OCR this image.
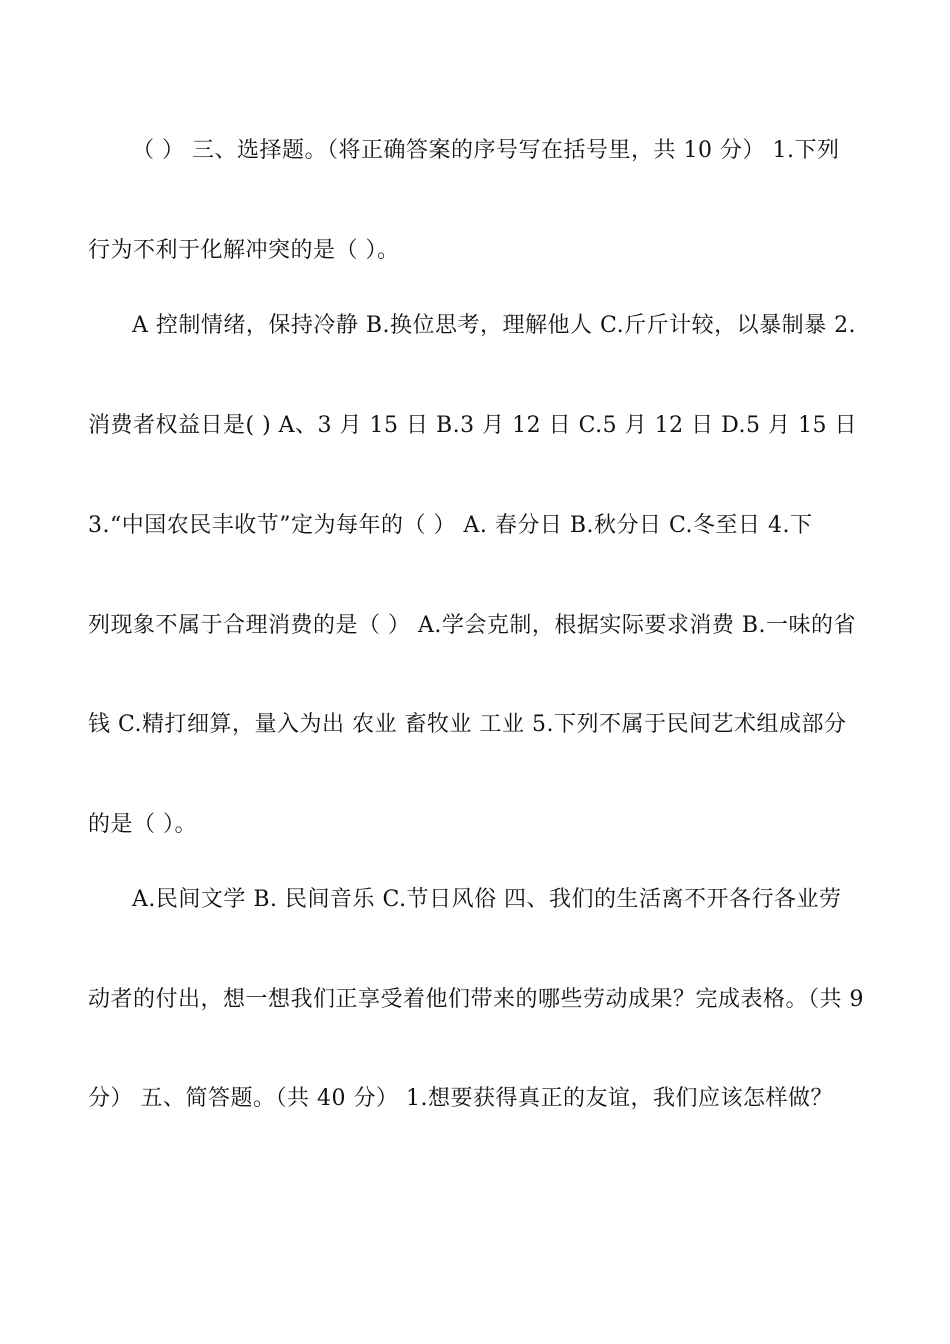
（ ） 三、选择题。（将正确答案的序号写在括号里，共 10 分） 1.下列
行为不利于化解冲突的是（ ）。
A 控制情绪，保持冷静 B.换位思考，理解他人 C.斤斤计较，以暴制暴 2.
消费者权益日是( ) A、3 月 15 日 B.3 月 12 日 C.5 月 12 日 D.5 月 15 日
3.“中国农民丰收节”定为每年的（ ） A. 春分日 B.秋分日 C.冬至日 4.下
列现象不属于合理消费的是（ ） A.学会克制，根据实际要求消费 B.一味的省
钱 C.精打细算，量入为出 农业 畜牧业 工业 5.下列不属于民间艺术组成部分
的是（ ）。
A.民间文学 B. 民间音乐 C.节日风俗 四、我们的生活离不开各行各业劳
动者的付出，想一想我们正享受着他们带来的哪些劳动成果？完成表格。（共 9
分） 五、简答题。（共 40 分） 1.想要获得真正的友谊，我们应该怎样做？
